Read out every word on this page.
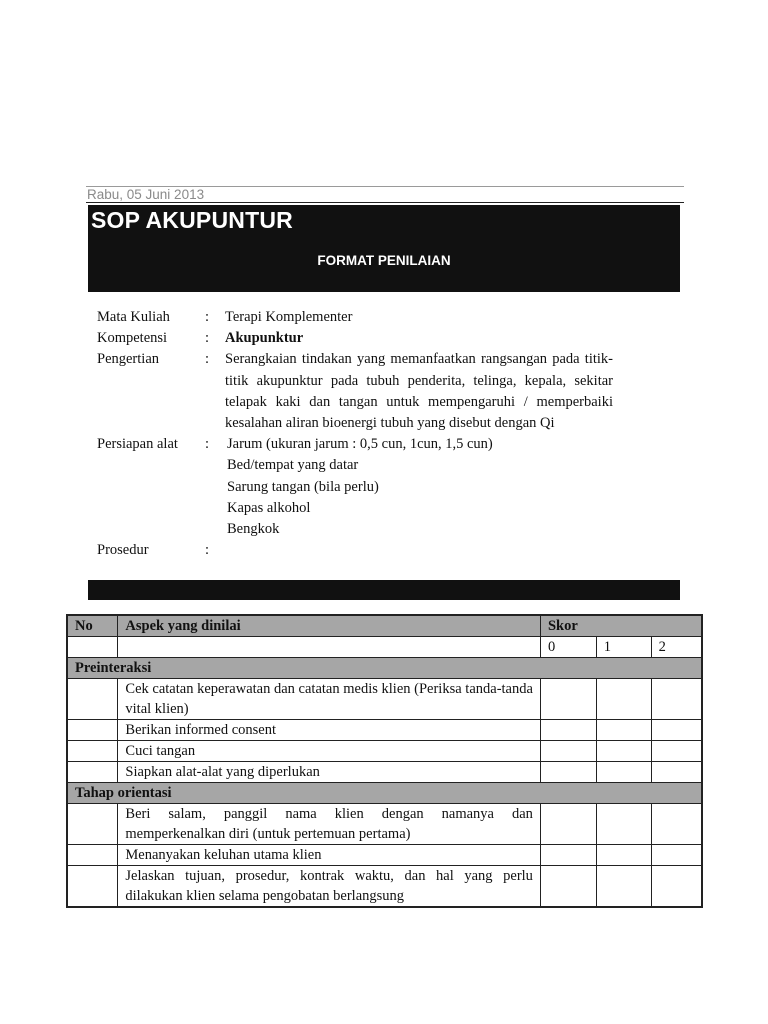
Rabu, 05 Juni 2013
SOP AKUPUNTUR
FORMAT PENILAIAN
Mata Kuliah	:	Terapi Komplementer
Kompetensi	:	Akupunktur
Pengertian	:	Serangkaian tindakan yang memanfaatkan rangsangan pada titik-titik akupunktur pada tubuh penderita, telinga, kepala, sekitar telapak kaki dan tangan untuk mempengaruhi / memperbaiki kesalahan aliran bioenergi tubuh yang disebut dengan Qi
Persiapan alat	:	Jarum (ukuran jarum : 0,5 cun, 1cun, 1,5 cun)
Bed/tempat yang datar
Sarung tangan (bila perlu)
Kapas alkohol
Bengkok
Prosedur	:
No	Aspek yang dinilai	Skor		
		0	1	2
Preinteraksi				
	Cek catatan keperawatan dan catatan medis klien (Periksa tanda-tanda vital klien)			
	Berikan informed consent			
	Cuci tangan			
	Siapkan alat-alat yang diperlukan			
Tahap orientasi				
	Beri salam, panggil nama klien dengan namanya dan memperkenalkan diri (untuk pertemuan pertama)			
	Menanyakan keluhan utama klien			
	Jelaskan tujuan, prosedur, kontrak waktu, dan hal yang perlu dilakukan klien selama pengobatan berlangsung			
